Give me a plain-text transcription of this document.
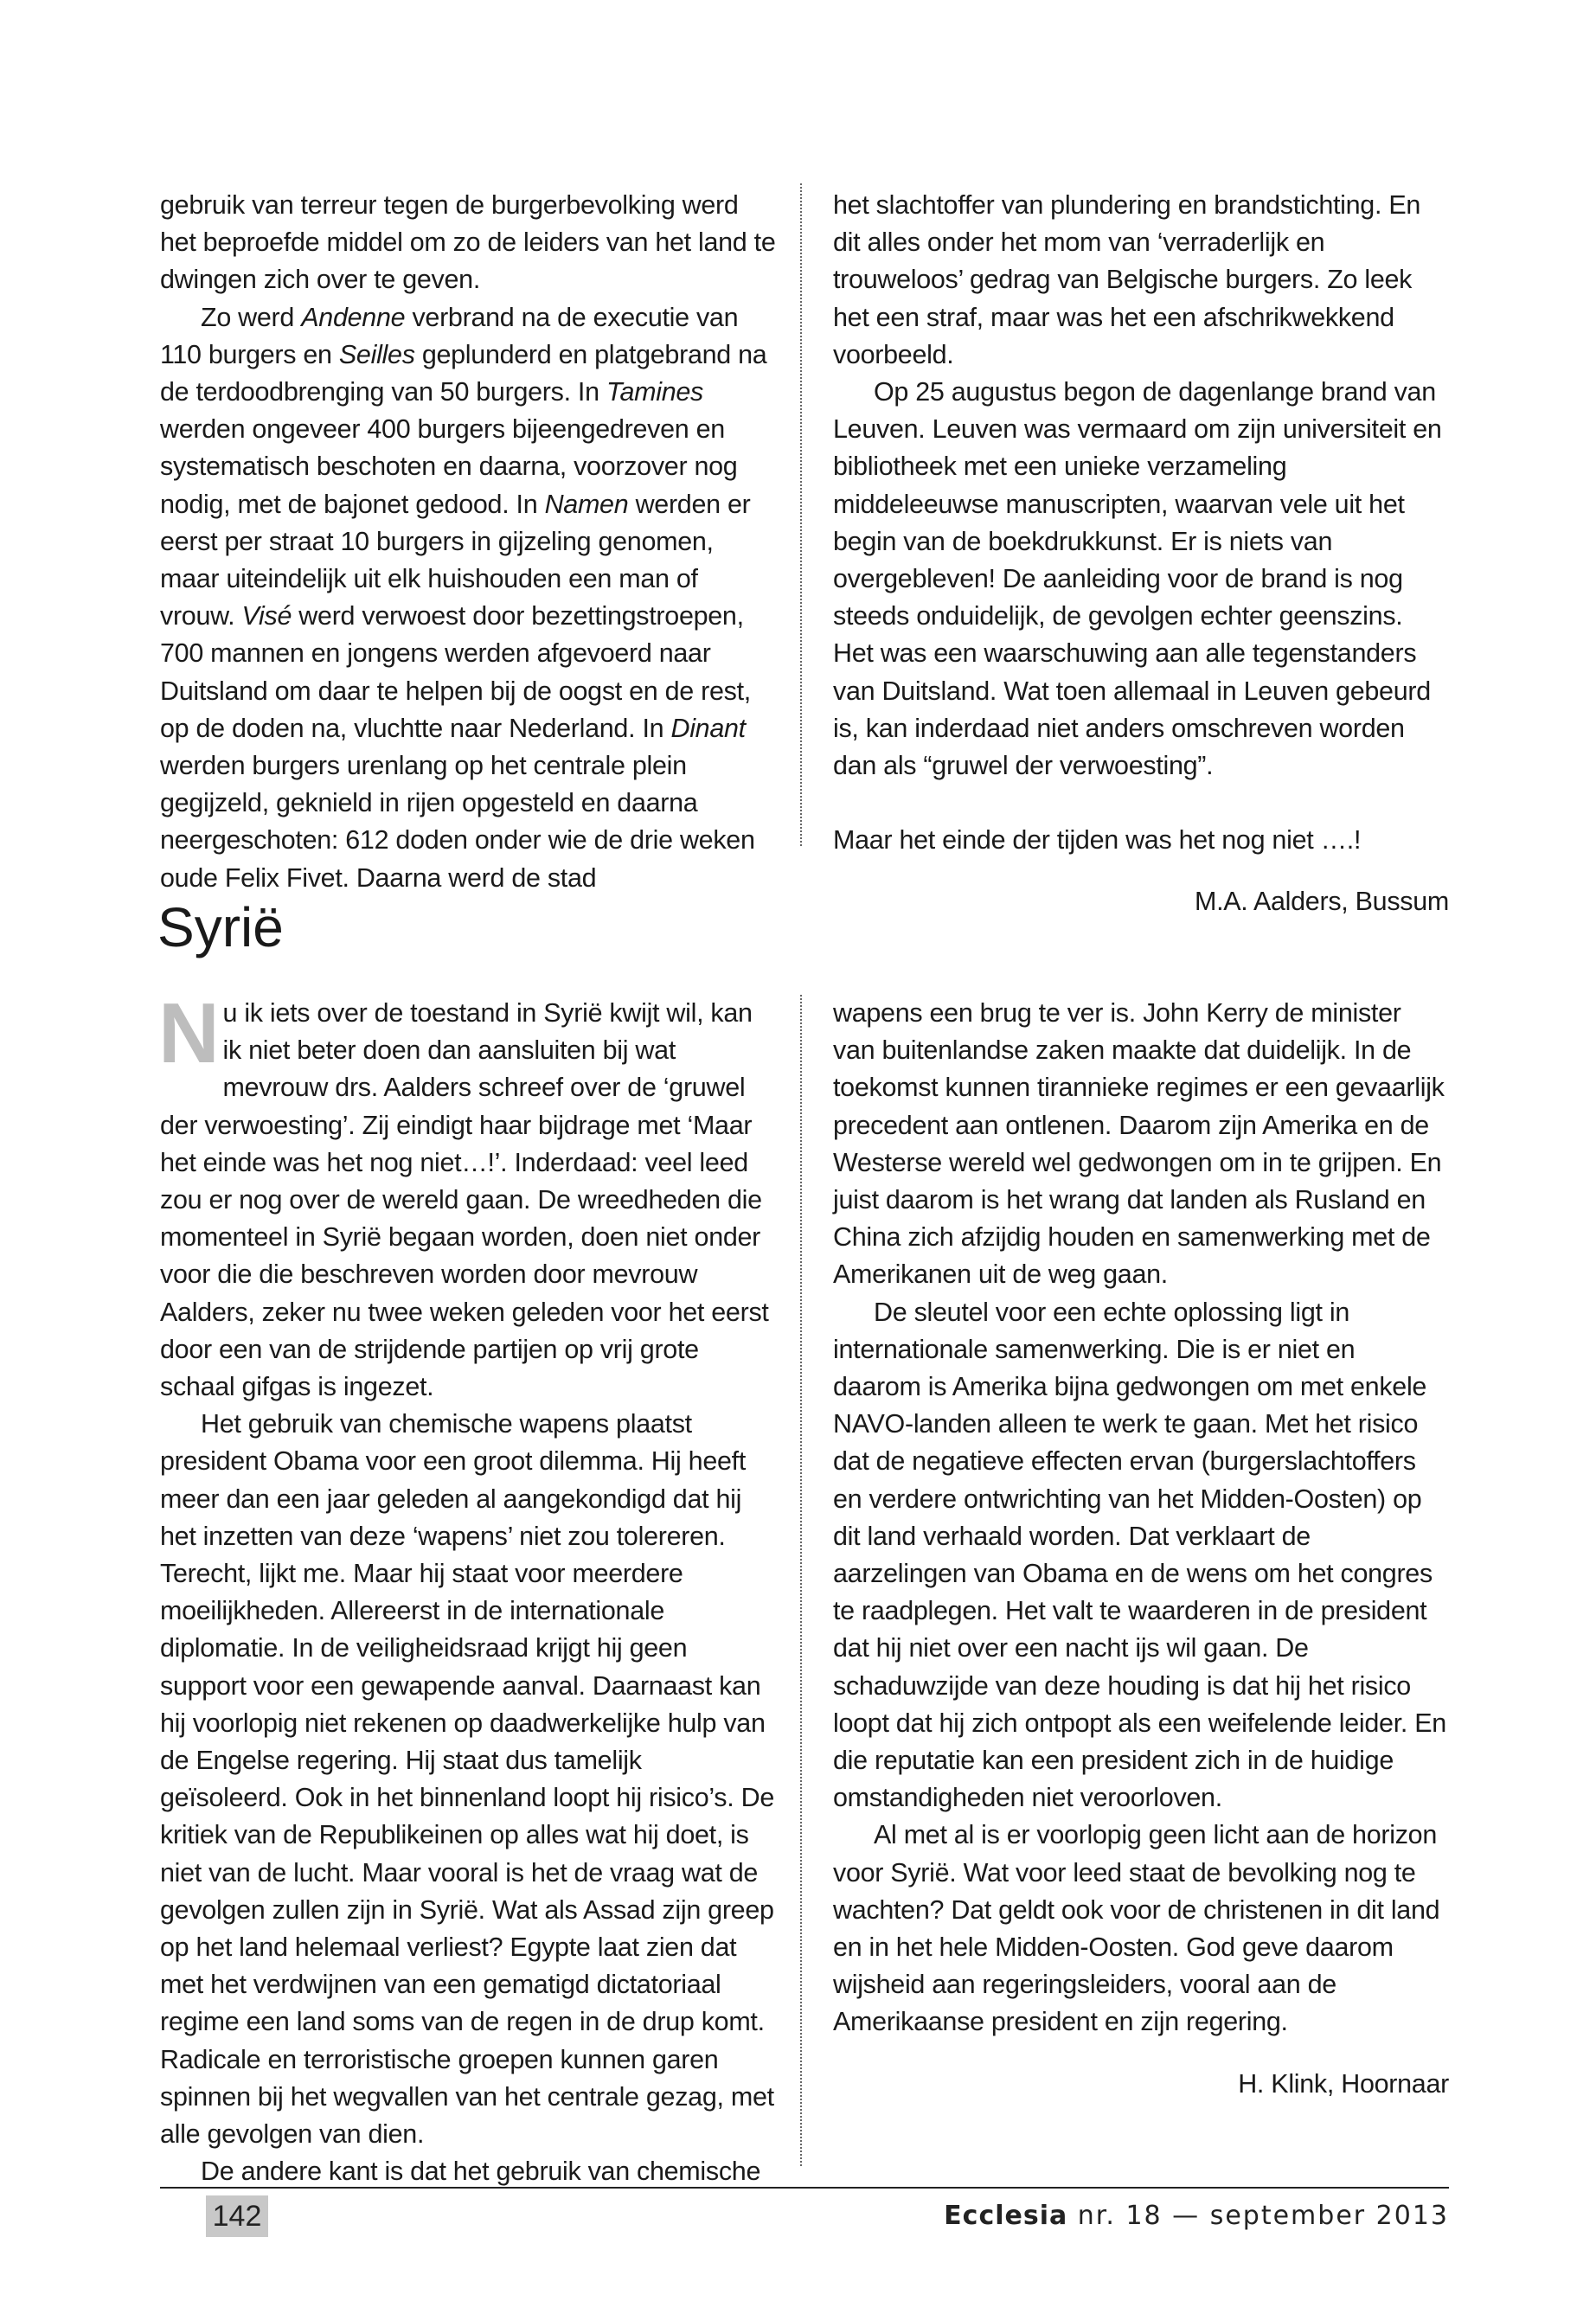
gebruik van terreur tegen de burgerbevolking werd het beproefde middel om zo de leiders van het land te dwingen zich over te geven.

Zo werd Andenne verbrand na de executie van 110 burgers en Seilles geplunderd en platgebrand na de terdoodbrenging van 50 burgers. In Tamines werden ongeveer 400 burgers bijeengedreven en systematisch beschoten en daarna, voorzover nog nodig, met de bajonet gedood. In Namen werden er eerst per straat 10 burgers in gijzeling genomen, maar uiteindelijk uit elk huishouden een man of vrouw. Visé werd verwoest door bezettingstroepen, 700 mannen en jongens werden afgevoerd naar Duitsland om daar te helpen bij de oogst en de rest, op de doden na, vluchtte naar Nederland. In Dinant werden burgers urenlang op het centrale plein gegijzeld, geknield in rijen opgesteld en daarna neergeschoten: 612 doden onder wie de drie weken oude Felix Fivet. Daarna werd de stad

het slachtoffer van plundering en brandstichting. En dit alles onder het mom van ‘verraderlijk en trouweloos’ gedrag van Belgische burgers. Zo leek het een straf, maar was het een afschrikwekkend voorbeeld.

Op 25 augustus begon de dagenlange brand van Leuven. Leuven was vermaard om zijn universiteit en bibliotheek met een unieke verzameling middeleeuwse manuscripten, waarvan vele uit het begin van de boekdrukkunst. Er is niets van overgebleven! De aanleiding voor de brand is nog steeds onduidelijk, de gevolgen echter geenszins. Het was een waarschuwing aan alle tegenstanders van Duitsland. Wat toen allemaal in Leuven gebeurd is, kan inderdaad niet anders omschreven worden dan als “gruwel der verwoesting”.

Maar het einde der tijden was het nog niet ….!

M.A. Aalders, Bussum

Syrië

Nu ik iets over de toestand in Syrië kwijt wil, kan ik niet beter doen dan aansluiten bij wat mevrouw drs. Aalders schreef over de ‘gruwel der verwoesting’. Zij eindigt haar bijdrage met ‘Maar het einde was het nog niet…!’. Inderdaad: veel leed zou er nog over de wereld gaan. De wreedheden die momenteel in Syrië begaan worden, doen niet onder voor die die beschreven worden door mevrouw Aalders, zeker nu twee weken geleden voor het eerst door een van de strijdende partijen op vrij grote schaal gifgas is ingezet.

Het gebruik van chemische wapens plaatst president Obama voor een groot dilemma. Hij heeft meer dan een jaar geleden al aangekondigd dat hij het inzetten van deze ‘wapens’ niet zou tolereren. Terecht, lijkt me. Maar hij staat voor meerdere moeilijkheden. Allereerst in de internationale diplomatie. In de veiligheidsraad krijgt hij geen support voor een gewapende aanval. Daarnaast kan hij voorlopig niet rekenen op daadwerkelijke hulp van de Engelse regering. Hij staat dus tamelijk geïsoleerd. Ook in het binnenland loopt hij risico’s. De kritiek van de Republikeinen op alles wat hij doet, is niet van de lucht. Maar vooral is het de vraag wat de gevolgen zullen zijn in Syrië. Wat als Assad zijn greep op het land helemaal verliest? Egypte laat zien dat met het verdwijnen van een gematigd dictatoriaal regime een land soms van de regen in de drup komt. Radicale en terroristische groepen kunnen garen spinnen bij het wegvallen van het centrale gezag, met alle gevolgen van dien.

De andere kant is dat het gebruik van chemische

wapens een brug te ver is. John Kerry de minister van buitenlandse zaken maakte dat duidelijk. In de toekomst kunnen tirannieke regimes er een gevaarlijk precedent aan ontlenen. Daarom zijn Amerika en de Westerse wereld wel gedwongen om in te grijpen. En juist daarom is het wrang dat landen als Rusland en China zich afzijdig houden en samenwerking met de Amerikanen uit de weg gaan.

De sleutel voor een echte oplossing ligt in internationale samenwerking. Die is er niet en daarom is Amerika bijna gedwongen om met enkele NAVO-landen alleen te werk te gaan. Met het risico dat de negatieve effecten ervan (burgerslachtoffers en verdere ontwrichting van het Midden-Oosten) op dit land verhaald worden. Dat verklaart de aarzelingen van Obama en de wens om het congres te raadplegen. Het valt te waarderen in de president dat hij niet over een nacht ijs wil gaan. De schaduwzijde van deze houding is dat hij het risico loopt dat hij zich ontpopt als een weifelende leider. En die reputatie kan een president zich in de huidige omstandigheden niet veroorloven.

Al met al is er voorlopig geen licht aan de horizon voor Syrië. Wat voor leed staat de bevolking nog te wachten? Dat geldt ook voor de christenen in dit land en in het hele Midden-Oosten. God geve daarom wijsheid aan regeringsleiders, vooral aan de Amerikaanse president en zijn regering.

H. Klink, Hoornaar

142	Ecclesia nr. 18 — september 2013
